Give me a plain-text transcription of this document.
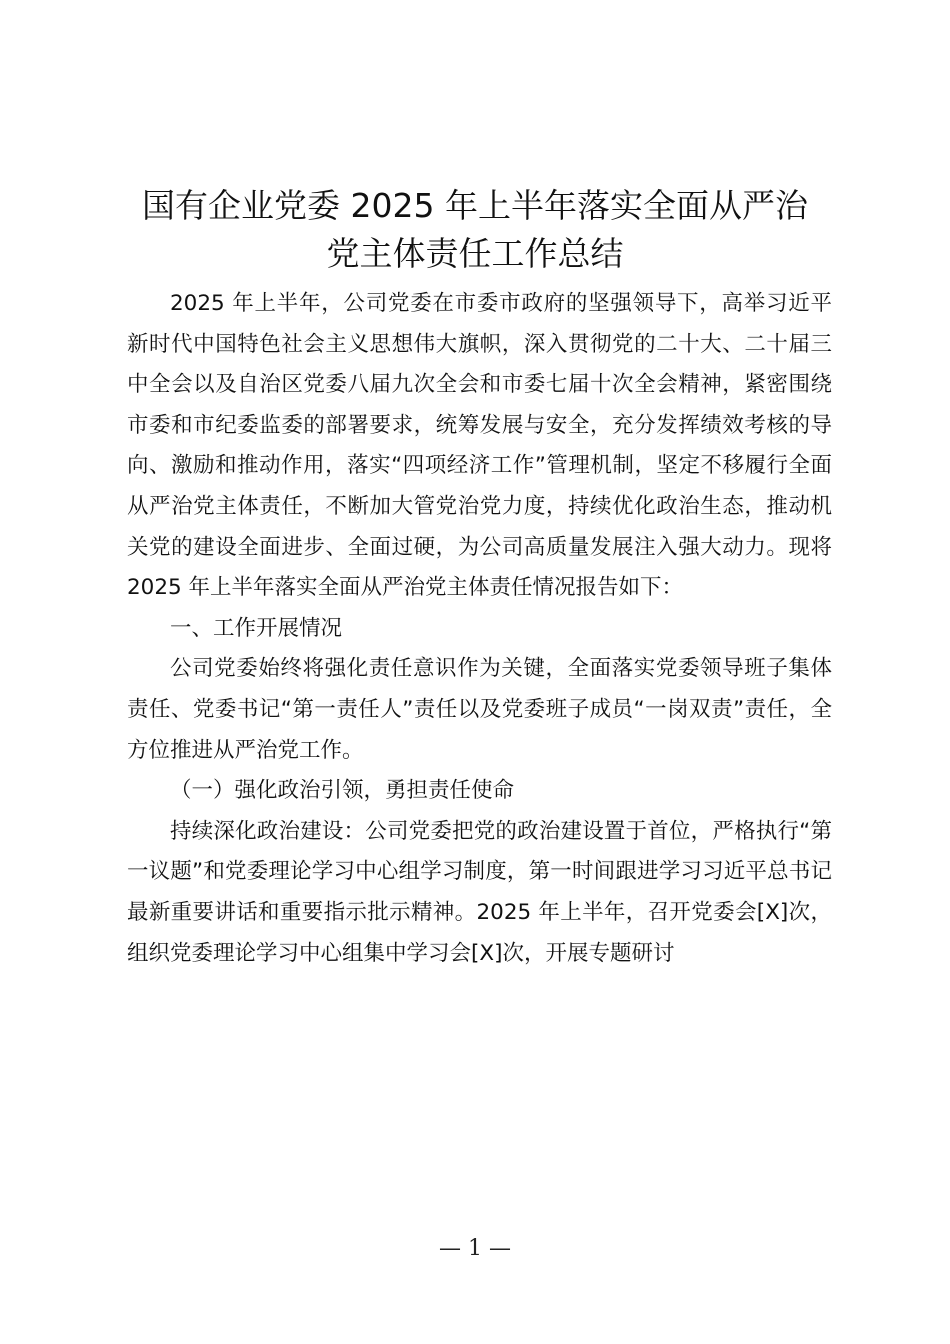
国有企业党委 2025 年上半年落实全面从严治
党主体责任工作总结

2025 年上半年，公司党委在市委市政府的坚强领导下，高举习近平新时代中国特色社会主义思想伟大旗帜，深入贯彻党的二十大、二十届三中全会以及自治区党委八届九次全会和市委七届十次全会精神，紧密围绕市委和市纪委监委的部署要求，统筹发展与安全，充分发挥绩效考核的导向、激励和推动作用，落实“四项经济工作”管理机制，坚定不移履行全面从严治党主体责任，不断加大管党治党力度，持续优化政治生态，推动机关党的建设全面进步、全面过硬，为公司高质量发展注入强大动力。现将 2025 年上半年落实全面从严治党主体责任情况报告如下：

一、工作开展情况

公司党委始终将强化责任意识作为关键，全面落实党委领导班子集体责任、党委书记“第一责任人”责任以及党委班子成员“一岗双责”责任，全方位推进从严治党工作。

（一）强化政治引领，勇担责任使命

持续深化政治建设：公司党委把党的政治建设置于首位，严格执行“第一议题”和党委理论学习中心组学习制度，第一时间跟进学习习近平总书记最新重要讲话和重要指示批示精神。2025 年上半年，召开党委会[X]次，组织党委理论学习中心组集中学习会[X]次，开展专题研讨

— 1 —
